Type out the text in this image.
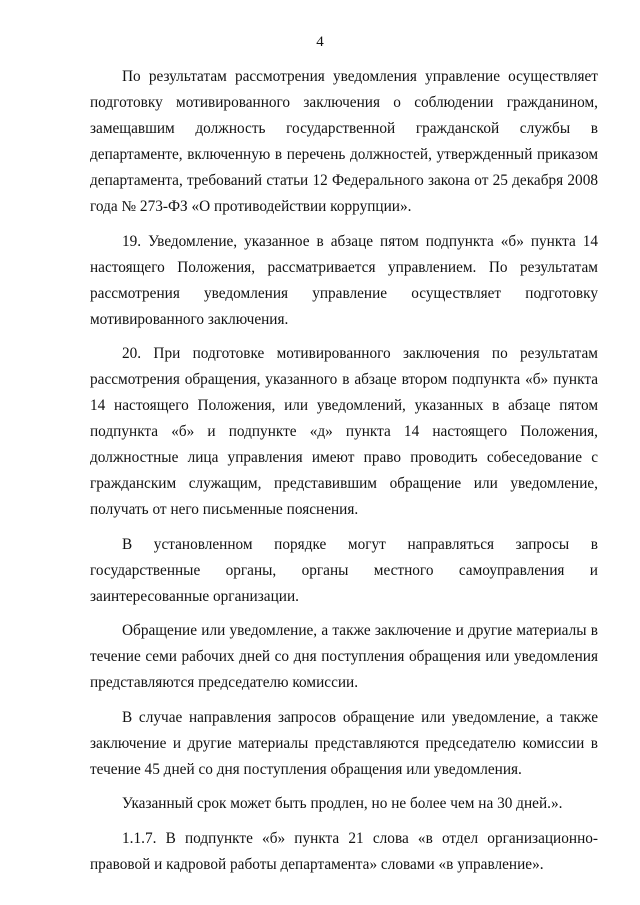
4

По результатам рассмотрения уведомления управление осуществляет подготовку мотивированного заключения о соблюдении гражданином, замещавшим должность государственной гражданской службы в департаменте, включенную в перечень должностей, утвержденный приказом департамента, требований статьи 12 Федерального закона от 25 декабря 2008 года № 273-ФЗ «О противодействии коррупции».

19. Уведомление, указанное в абзаце пятом подпункта «б» пункта 14 настоящего Положения, рассматривается управлением. По результатам рассмотрения уведомления управление осуществляет подготовку мотивированного заключения.

20. При подготовке мотивированного заключения по результатам рассмотрения обращения, указанного в абзаце втором подпункта «б» пункта 14 настоящего Положения, или уведомлений, указанных в абзаце пятом подпункта «б» и подпункте «д» пункта 14 настоящего Положения, должностные лица управления имеют право проводить собеседование с гражданским служащим, представившим обращение или уведомление, получать от него письменные пояснения.

В установленном порядке могут направляться запросы в государственные органы, органы местного самоуправления и заинтересованные организации.

Обращение или уведомление, а также заключение и другие материалы в течение семи рабочих дней со дня поступления обращения или уведомления представляются председателю комиссии.

В случае направления запросов обращение или уведомление, а также заключение и другие материалы представляются председателю комиссии в течение 45 дней со дня поступления обращения или уведомления.

Указанный срок может быть продлен, но не более чем на 30 дней.».

1.1.7. В подпункте «б» пункта 21 слова «в отдел организационно-правовой и кадровой работы департамента» словами «в управление».
